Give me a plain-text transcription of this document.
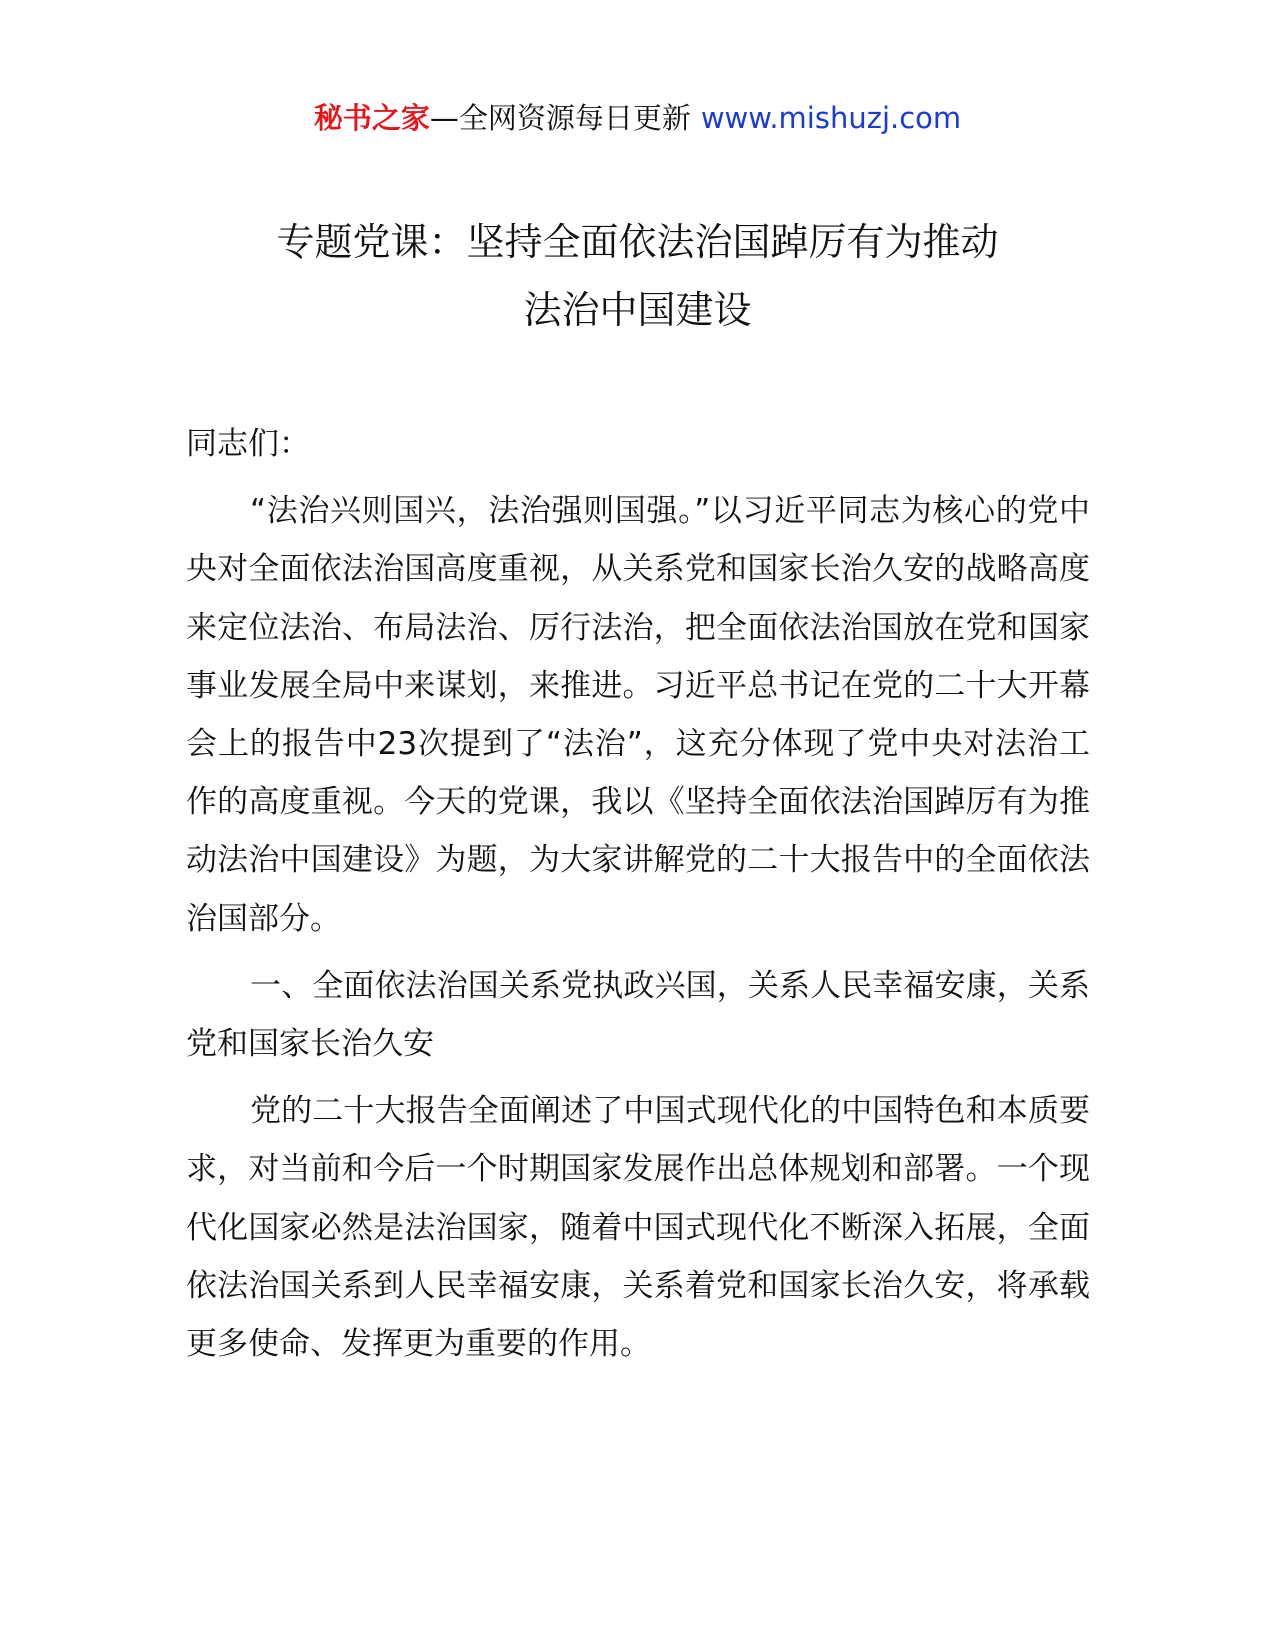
秘书之家—全网资源每日更新 www.mishuzj.com
专题党课：坚持全面依法治国踔厉有为推动
法治中国建设

同志们：

“法治兴则国兴，法治强则国强。”以习近平同志为核心的党中央对全面依法治国高度重视，从关系党和国家长治久安的战略高度来定位法治、布局法治、厉行法治，把全面依法治国放在党和国家事业发展全局中来谋划，来推进。习近平总书记在党的二十大开幕会上的报告中23次提到了“法治”，这充分体现了党中央对法治工作的高度重视。今天的党课，我以《坚持全面依法治国踔厉有为推动法治中国建设》为题，为大家讲解党的二十大报告中的全面依法治国部分。

一、全面依法治国关系党执政兴国，关系人民幸福安康，关系党和国家长治久安

党的二十大报告全面阐述了中国式现代化的中国特色和本质要求，对当前和今后一个时期国家发展作出总体规划和部署。一个现代化国家必然是法治国家，随着中国式现代化不断深入拓展，全面依法治国关系到人民幸福安康，关系着党和国家长治久安，将承载更多使命、发挥更为重要的作用。
